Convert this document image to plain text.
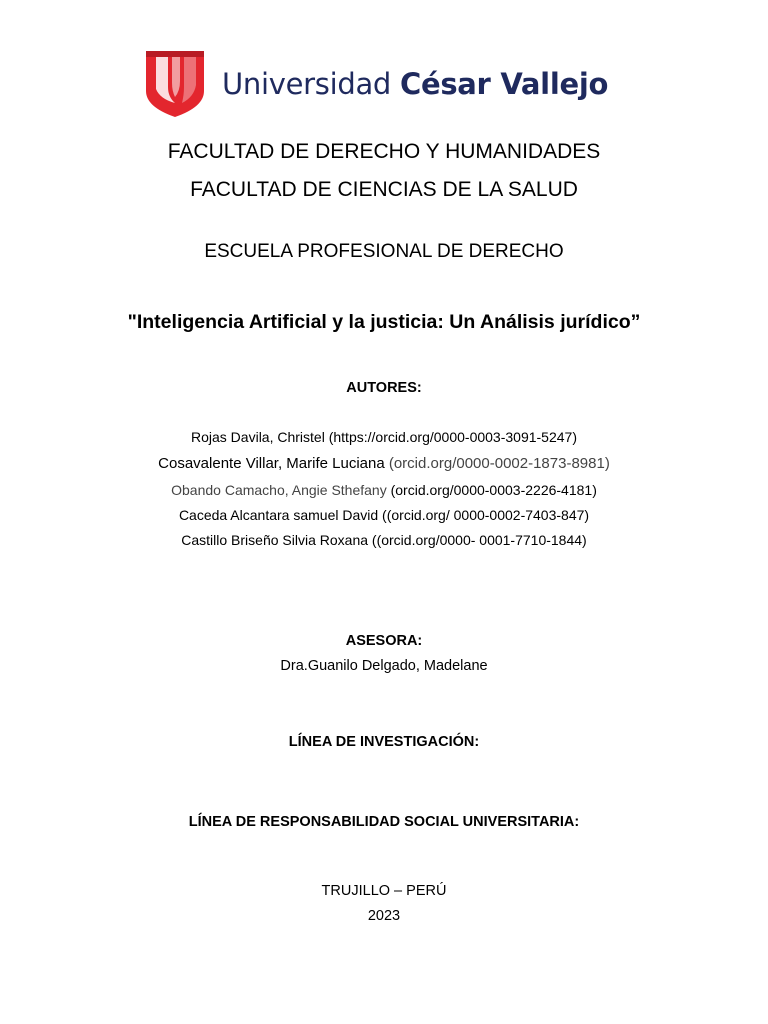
Universidad César Vallejo
FACULTAD DE DERECHO Y HUMANIDADES
FACULTAD DE CIENCIAS DE LA SALUD
ESCUELA PROFESIONAL DE DERECHO
"Inteligencia Artificial y la justicia: Un Análisis jurídico”
AUTORES:
Rojas Davila, Christel (https://orcid.org/0000-0003-3091-5247)
Cosavalente Villar, Marife Luciana (orcid.org/0000-0002-1873-8981)
Obando Camacho, Angie Sthefany (orcid.org/0000-0003-2226-4181)
Caceda Alcantara samuel David ((orcid.org/ 0000-0002-7403-847)
Castillo Briseño Silvia Roxana ((orcid.org/0000- 0001-7710-1844)
ASESORA:
Dra.Guanilo Delgado, Madelane
LÍNEA DE INVESTIGACIÓN:
LÍNEA DE RESPONSABILIDAD SOCIAL UNIVERSITARIA:
TRUJILLO – PERÚ
2023
